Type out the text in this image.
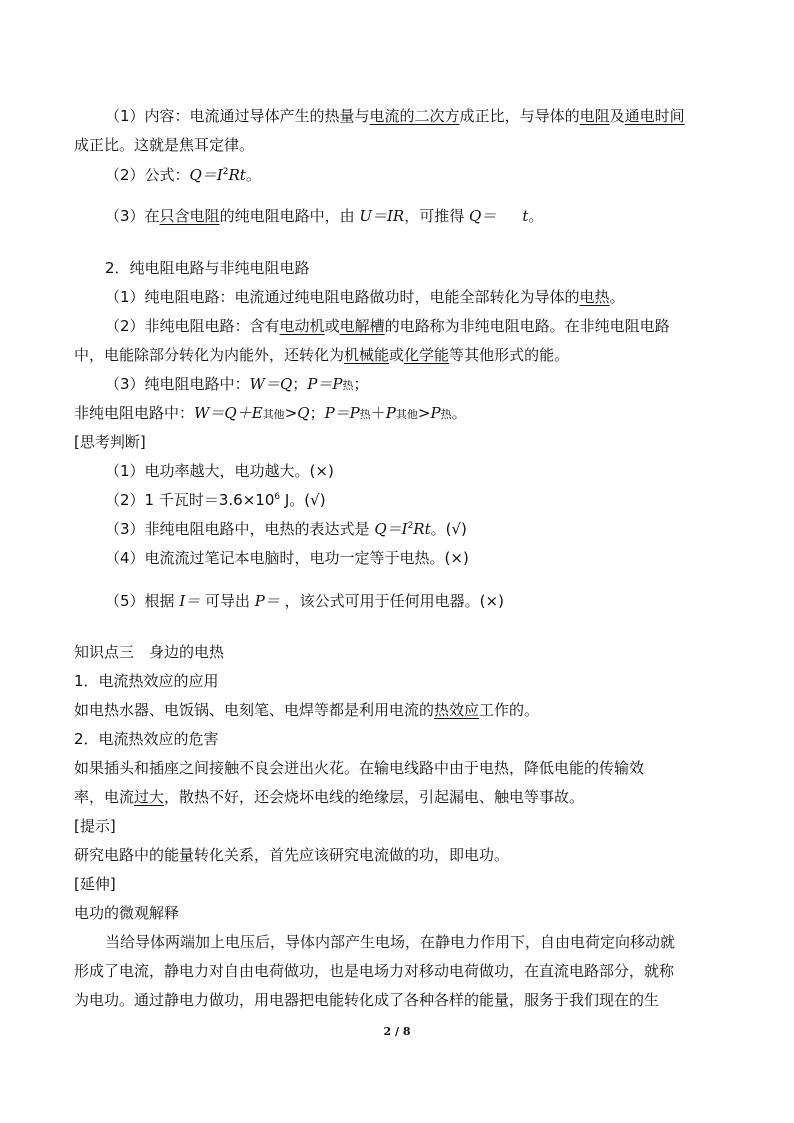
（1）内容：电流通过导体产生的热量与电流的二次方成正比，与导体的电阻及通电时间
成正比。这就是焦耳定律。
（2）公式：$Q=I^2Rt$。
（3）在只含电阻的纯电阻电路中，由 U＝IR，可推得 Q＝ t。
2．纯电阻电路与非纯电阻电路
（1）纯电阻电路：电流通过纯电阻电路做功时，电能全部转化为导体的电热。
（2）非纯电阻电路：含有电动机或电解槽的电路称为非纯电阻电路。在非纯电阻电路
中，电能除部分转化为内能外，还转化为机械能或化学能等其他形式的能。
（3）纯电阻电路中：W＝Q；P＝P热；
非纯电阻电路中：W＝Q＋E其他>Q；P＝P热＋P其他>P热。
[思考判断]
（1）电功率越大，电功越大。(×)
（2）1 千瓦时$=3.6\times 10^6$ J。(√)
（3）非纯电阻电路中，电热的表达式是 $Q=I^2Rt$。(√)
（4）电流流过笔记本电脑时，电功一定等于电热。(×)
（5）根据 I＝ 可导出 P＝ ，该公式可用于任何用电器。(×)
知识点三　身边的电热
1．电流热效应的应用
如电热水器、电饭锅、电刻笔、电焊等都是利用电流的热效应工作的。
2．电流热效应的危害
如果插头和插座之间接触不良会迸出火花。在输电线路中由于电热，降低电能的传输效
率，电流过大，散热不好，还会烧坏电线的绝缘层，引起漏电、触电等事故。
[提示]
研究电路中的能量转化关系，首先应该研究电流做的功，即电功。
[延伸]
电功的微观解释
当给导体两端加上电压后，导体内部产生电场，在静电力作用下，自由电荷定向移动就
形成了电流，静电力对自由电荷做功，也是电场力对移动电荷做功，在直流电路部分，就称
为电功。通过静电力做功，用电器把电能转化成了各种各样的能量，服务于我们现在的生
2 / 8
